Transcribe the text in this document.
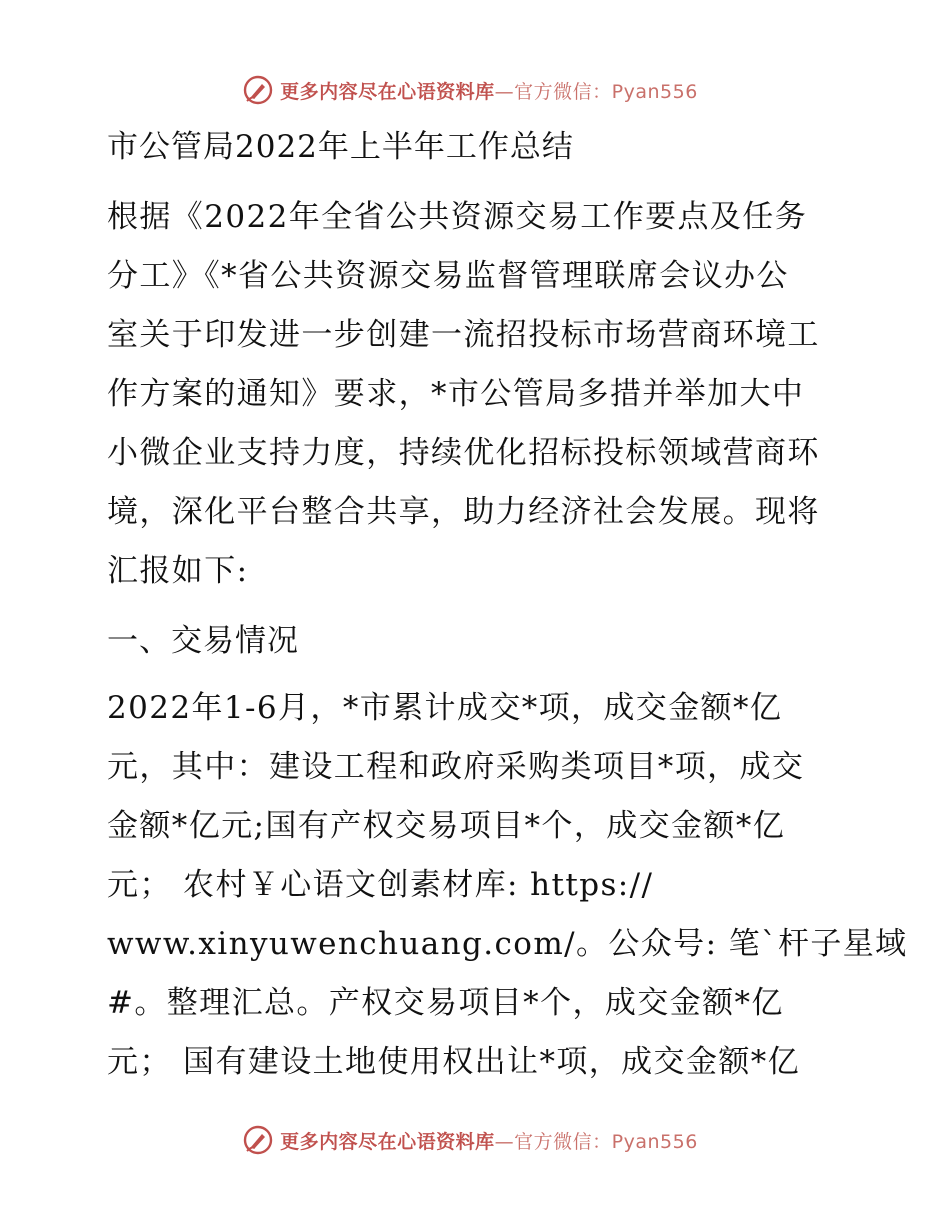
更多内容尽在心语资料库—官方微信：Pyan556
市公管局2022年上半年工作总结

根据《2022年全省公共资源交易工作要点及任务
分工》《*省公共资源交易监督管理联席会议办公
室关于印发进一步创建一流招投标市场营商环境工
作方案的通知》要求，*市公管局多措并举加大中
小微企业支持力度，持续优化招标投标领域营商环
境，深化平台整合共享，助力经济社会发展。现将
汇报如下:

一、交易情况

2022年1-6月，*市累计成交*项，成交金额*亿
元，其中：建设工程和政府采购类项目*项，成交
金额*亿元;国有产权交易项目*个，成交金额*亿
元； 农村￥心语文创素材库: https://
www.xinyuwenchuang.com/。公众号: 笔`杆子星域
#。整理汇总。产权交易项目*个，成交金额*亿
元； 国有建设土地使用权出让*项，成交金额*亿

更多内容尽在心语资料库—官方微信：Pyan556
